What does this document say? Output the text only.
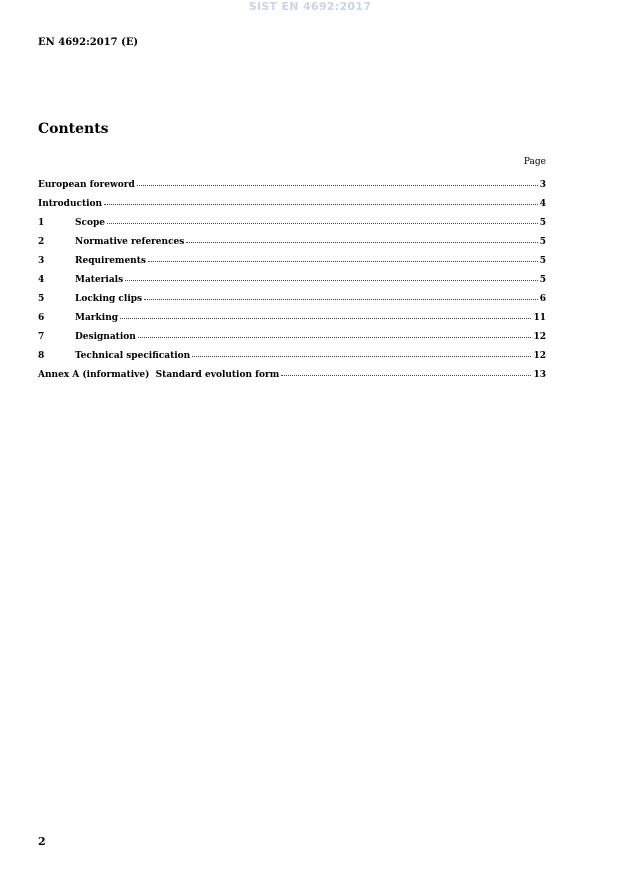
SIST EN 4692:2017
EN 4692:2017 (E)
Contents
Page
European foreword	3
Introduction	4
1	Scope	5
2	Normative references	5
3	Requirements	5
4	Materials	5
5	Locking clips	6
6	Marking	11
7	Designation	12
8	Technical specification	12
Annex A (informative)  Standard evolution form	13
2
